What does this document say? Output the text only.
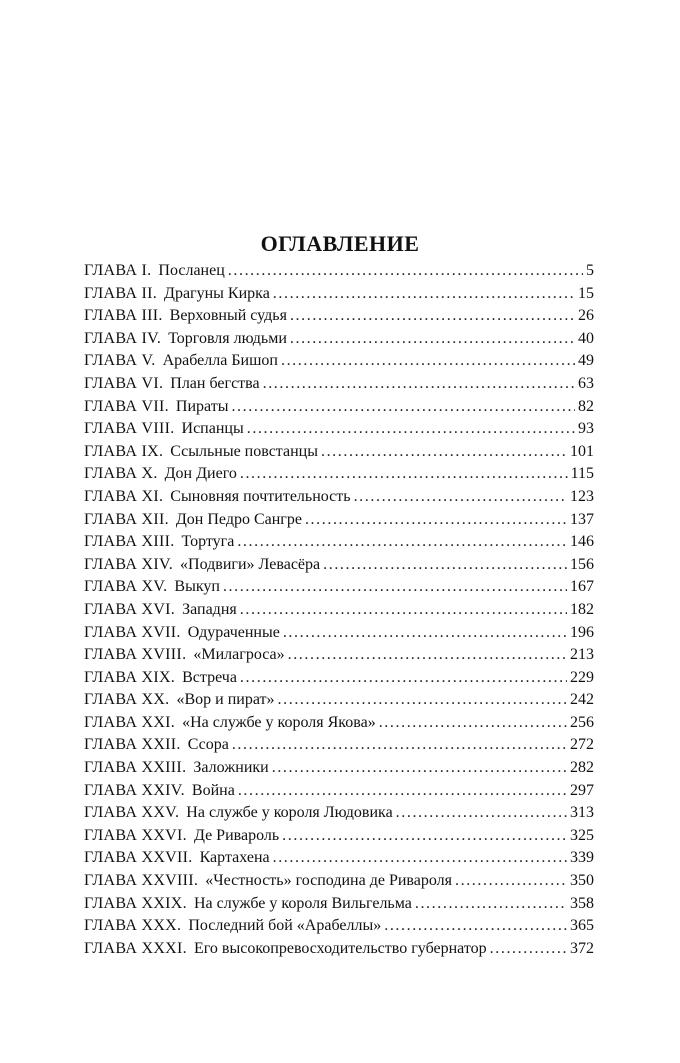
ОГЛАВЛЕНИЕ
ГЛАВА I. Посланец . . .	5
ГЛАВА II. Драгуны Кирка . . .	15
ГЛАВА III. Верховный судья . . .	26
ГЛАВА IV. Торговля людьми . . .	40
ГЛАВА V. Арабелла Бишоп . . .	49
ГЛАВА VI. План бегства . . .	63
ГЛАВА VII. Пираты . . .	82
ГЛАВА VIII. Испанцы . . .	93
ГЛАВА IX. Ссыльные повстанцы . . .	101
ГЛАВА X. Дон Диего . . .	115
ГЛАВА XI. Сыновняя почтительность . . .	123
ГЛАВА XII. Дон Педро Сангре . . .	137
ГЛАВА XIII. Тортуга . . .	146
ГЛАВА XIV. «Подвиги» Левасёра . . .	156
ГЛАВА XV. Выкуп . . .	167
ГЛАВА XVI. Западня . . .	182
ГЛАВА XVII. Одураченные . . .	196
ГЛАВА XVIII. «Милагроса» . . .	213
ГЛАВА XIX. Встреча . . .	229
ГЛАВА XX. «Вор и пират» . . .	242
ГЛАВА XXI. «На службе у короля Якова» . . .	256
ГЛАВА XXII. Ссора . . .	272
ГЛАВА XXIII. Заложники . . .	282
ГЛАВА XXIV. Война . . .	297
ГЛАВА XXV. На службе у короля Людовика . . .	313
ГЛАВА XXVI. Де Ривароль . . .	325
ГЛАВА XXVII. Картахена . . .	339
ГЛАВА XXVIII. «Честность» господина де Ривароля . . .	350
ГЛАВА XXIX. На службе у короля Вильгельма . . .	358
ГЛАВА XXX. Последний бой «Арабеллы» . . .	365
ГЛАВА XXXI. Его высокопревосходительство губернатор . . .	372
